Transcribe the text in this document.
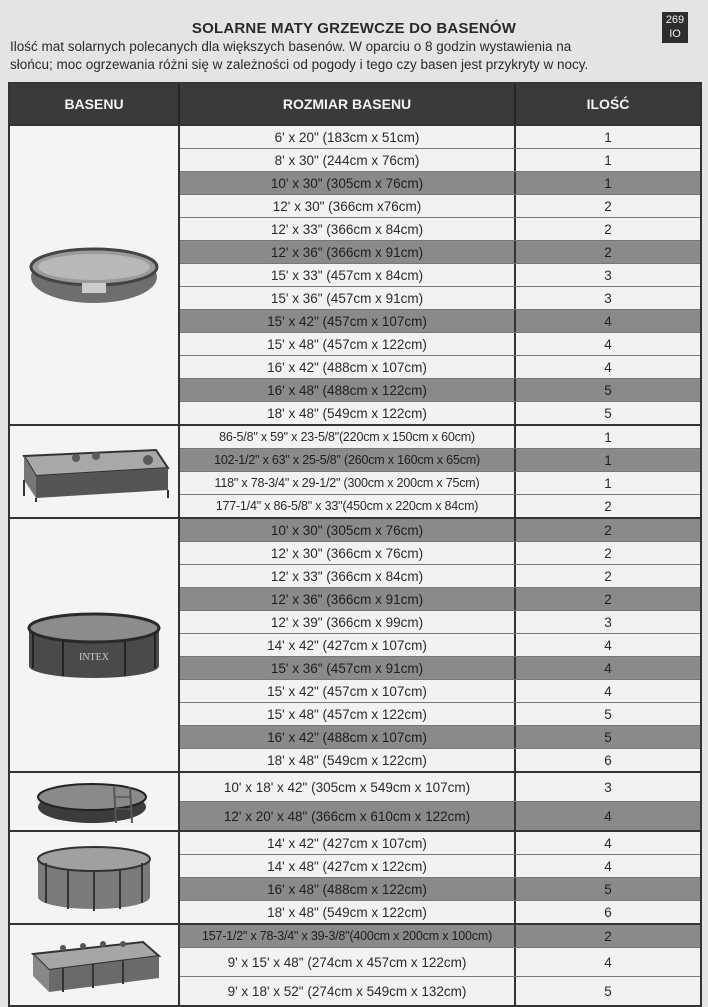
269
IO
SOLARNE MATY GRZEWCZE DO BASENÓW

Ilość mat solarnych polecanych dla większych basenów. W oparciu o 8 godzin wystawienia na

słońcu; moc ogrzewania różni się w zależności od pogody i tego czy basen jest przykryty w nocy.

BASENU	ROZMIAR BASENU	ILOŚĆ
6' x 20" (183cm x 51cm)	1
8' x 30" (244cm x 76cm)	1
10' x 30" (305cm x 76cm)	1
12' x 30" (366cm x76cm)	2
12' x 33" (366cm x 84cm)	2
12' x 36" (366cm x 91cm)	2
15' x 33" (457cm x 84cm)	3
15' x 36" (457cm x 91cm)	3
15' x 42" (457cm x 107cm)	4
15' x 48" (457cm x 122cm)	4
16' x 42" (488cm x 107cm)	4
16' x 48" (488cm x 122cm)	5
18' x 48" (549cm x 122cm)	5
86-5/8" x 59" x 23-5/8"(220cm x 150cm x 60cm)	1
102-1/2" x 63" x 25-5/8" (260cm x 160cm x 65cm)	1
118" x 78-3/4" x 29-1/2" (300cm x 200cm x 75cm)	1
177-1/4" x 86-5/8" x 33"(450cm x 220cm x 84cm)	2
INTEX
10' x 30" (305cm x 76cm)	2
12' x 30" (366cm x 76cm)	2
12' x 33" (366cm x 84cm)	2
12' x 36" (366cm x 91cm)	2
12' x 39" (366cm x 99cm)	3
14' x 42" (427cm x 107cm)	4
15' x 36" (457cm x 91cm)	4
15' x 42" (457cm x 107cm)	4
15' x 48" (457cm x 122cm)	5
16' x 42" (488cm x 107cm)	5
18' x 48" (549cm x 122cm)	6
10' x 18' x 42" (305cm x 549cm x 107cm)	3
12' x 20' x 48" (366cm x 610cm x 122cm)	4
14' x 42" (427cm x 107cm)	4
14' x 48" (427cm x 122cm)	4
16' x 48" (488cm x 122cm)	5
18' x 48" (549cm x 122cm)	6
157-1/2" x 78-3/4" x 39-3/8"(400cm x 200cm x 100cm)	2
9' x 15' x 48" (274cm x 457cm x 122cm)	4
9' x 18' x 52" (274cm x 549cm x 132cm)	5
